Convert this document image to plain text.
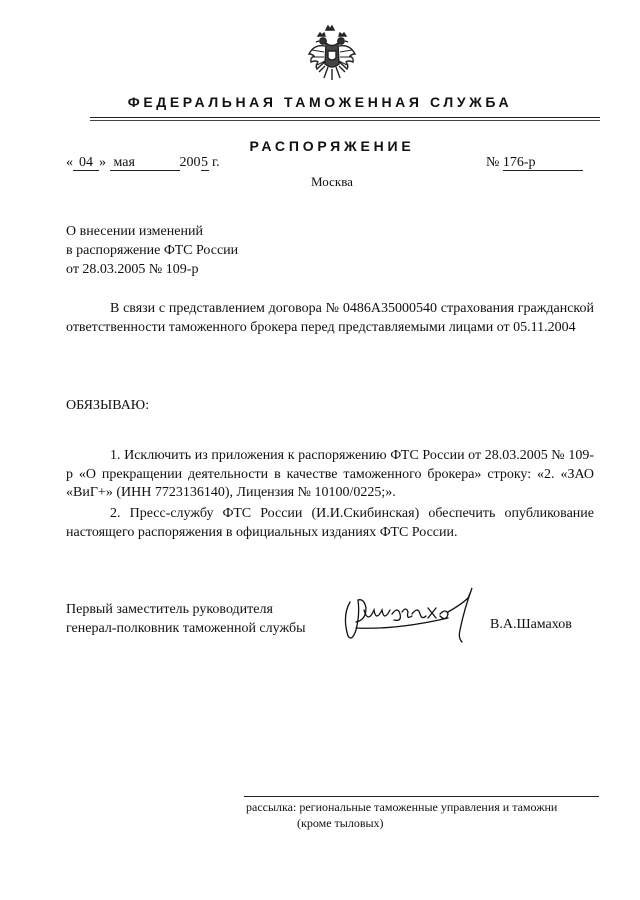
ФЕДЕРАЛЬНАЯ ТАМОЖЕННАЯ СЛУЖБА
РАСПОРЯЖЕНИЕ
« 04 » мая	2005 г.	№ 176-р
Москва
О внесении изменений
в распоряжение ФТС России
от 28.03.2005 № 109-р

В связи с представлением договора № 0486A35000540 страхования гражданской ответственности таможенного брокера перед представляемыми лицами от 05.11.2004

ОБЯЗЫВАЮ:

1. Исключить из приложения к распоряжению ФТС России от 28.03.2005 № 109-р «О прекращении деятельности в качестве таможенного брокера» строку: «2. «ЗАО «ВиГ+» (ИНН 7723136140), Лицензия № 10100/0225;».

2. Пресс-службу ФТС России (И.И.Скибинская) обеспечить опубликование настоящего распоряжения в официальных изданиях ФТС России.

Первый заместитель руководителя
генерал-полковник таможенной службы	В.А.Шамахов
рассылка: региональные таможенные управления и таможни
(кроме тыловых)
